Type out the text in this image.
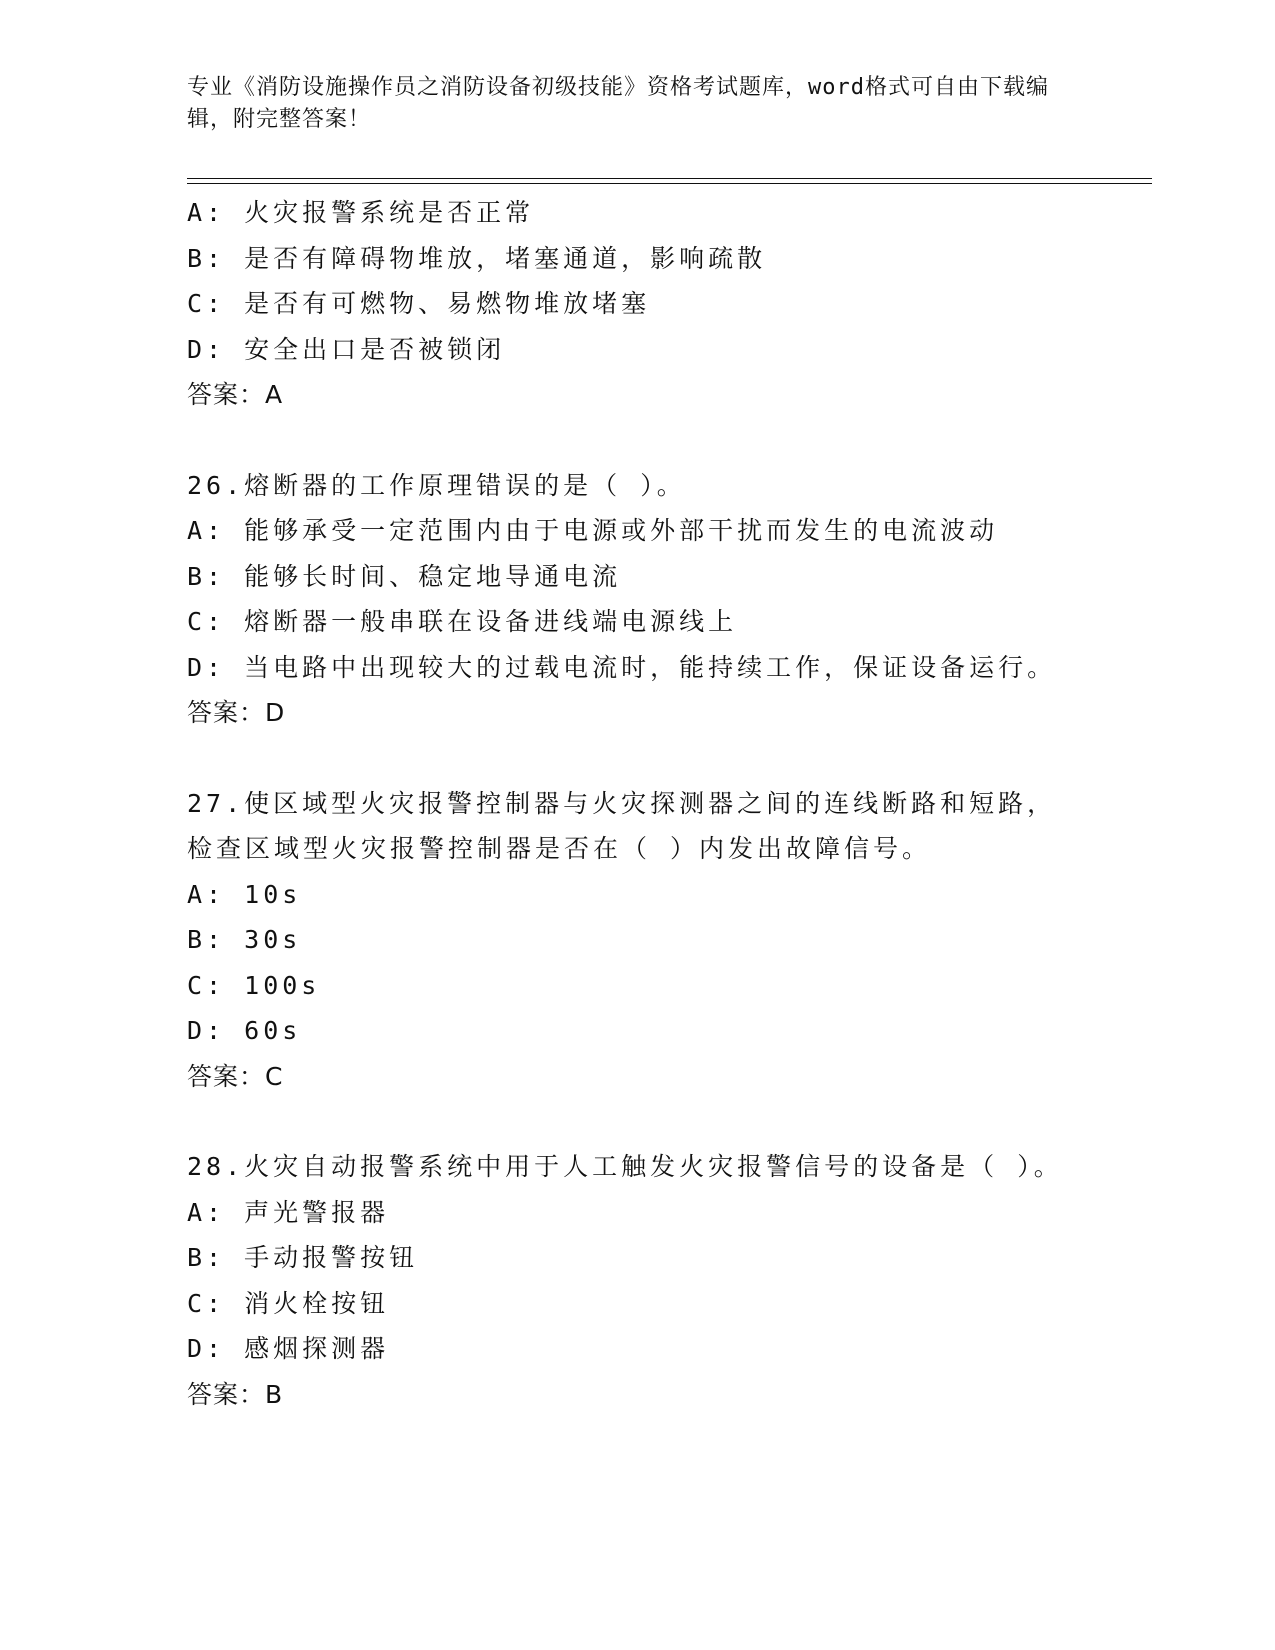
专业《消防设施操作员之消防设备初级技能》资格考试题库，word格式可自由下载编辑，附完整答案！
A: 火灾报警系统是否正常
B: 是否有障碍物堆放，堵塞通道，影响疏散
C: 是否有可燃物、易燃物堆放堵塞
D: 安全出口是否被锁闭
答案：A
26.熔断器的工作原理错误的是（ ）。
A: 能够承受一定范围内由于电源或外部干扰而发生的电流波动
B: 能够长时间、稳定地导通电流
C: 熔断器一般串联在设备进线端电源线上
D: 当电路中出现较大的过载电流时，能持续工作，保证设备运行。
答案：D
27.使区域型火灾报警控制器与火灾探测器之间的连线断路和短路，检查区域型火灾报警控制器是否在（ ）内发出故障信号。
A: 10s
B: 30s
C: 100s
D: 60s
答案：C
28.火灾自动报警系统中用于人工触发火灾报警信号的设备是（ ）。
A: 声光警报器
B: 手动报警按钮
C: 消火栓按钮
D: 感烟探测器
答案：B
